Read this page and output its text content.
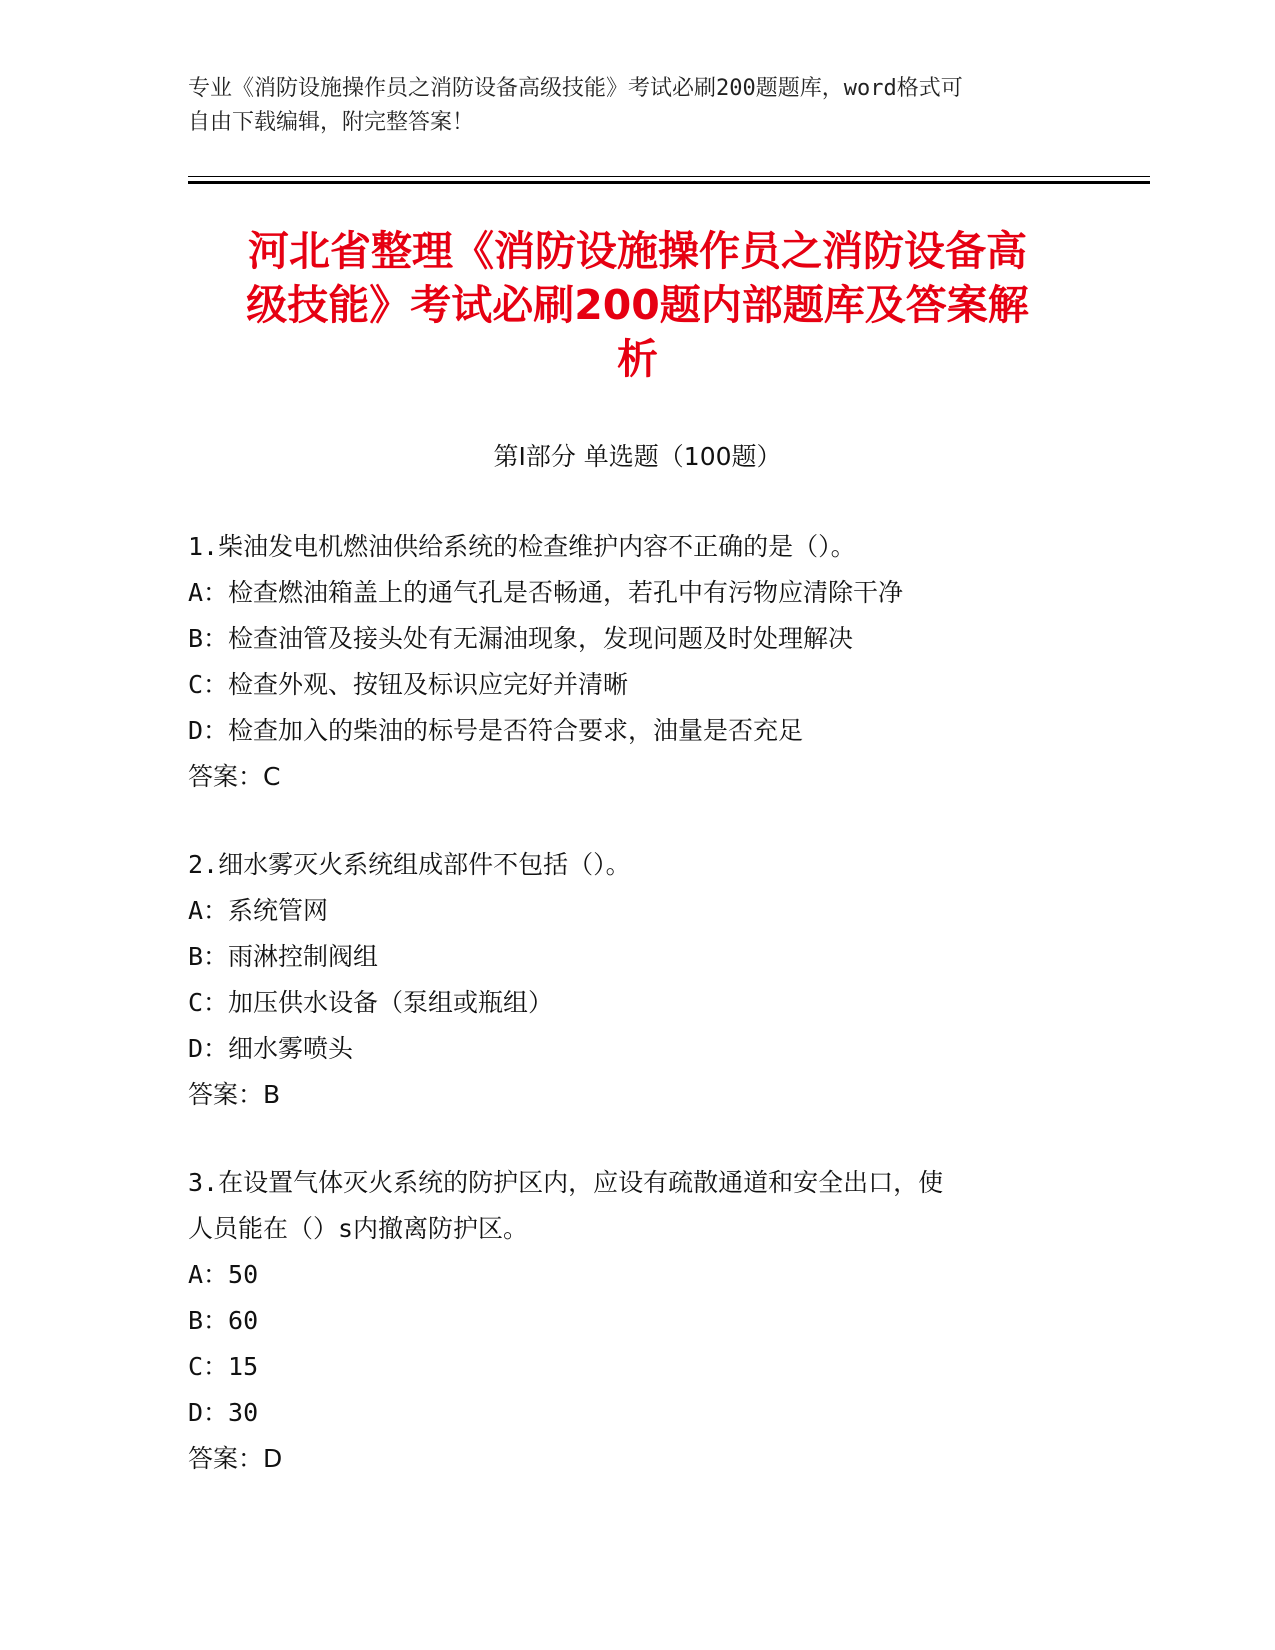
专业《消防设施操作员之消防设备高级技能》考试必刷200题题库，word格式可
自由下载编辑，附完整答案！
河北省整理《消防设施操作员之消防设备高
级技能》考试必刷200题内部题库及答案解
析
第Ⅰ部分 单选题（100题）
1.柴油发电机燃油供给系统的检查维护内容不正确的是（）。
A：检查燃油箱盖上的通气孔是否畅通，若孔中有污物应清除干净
B：检查油管及接头处有无漏油现象，发现问题及时处理解决
C：检查外观、按钮及标识应完好并清晰
D：检查加入的柴油的标号是否符合要求，油量是否充足
答案：C
2.细水雾灭火系统组成部件不包括（）。
A：系统管网
B：雨淋控制阀组
C：加压供水设备（泵组或瓶组）
D：细水雾喷头
答案：B
3.在设置气体灭火系统的防护区内，应设有疏散通道和安全出口，使
人员能在（）s内撤离防护区。
A：50
B：60
C：15
D：30
答案：D
